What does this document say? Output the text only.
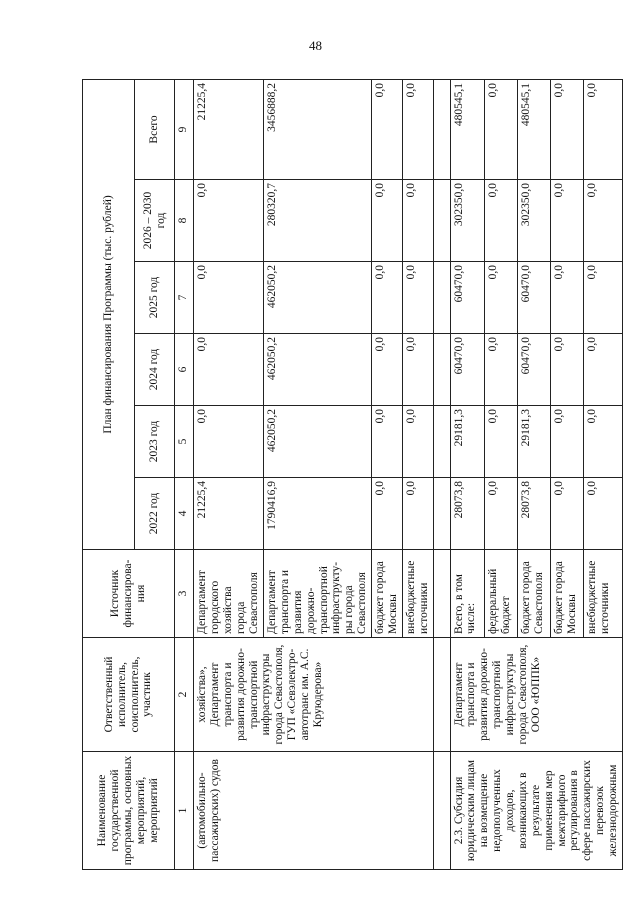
48
Наименование государственной программы, основных мероприятий, мероприятий	Ответственный исполнитель, соисполнитель, участник	Источник финансирова-ния	План финансирования Программы (тыс. рублей)					
			2022 год	2023 год	2024 год	2025 год	2026 – 2030 год	Всего
1	2	3	4	5	6	7	8	9
(автомобильно-пассажирских) судов	хозяйства», Департамент транспорта и развития дорожно-транспортной инфраструктуры города Севастополя, ГУП «Севэлектро-автотранс им. А.С. Круюдерова»	Департамент городского хозяйства города Севастополя	21225,4	0,0	0,0	0,0	0,0	21225,4
		Департамент транспорта и развития дорожно-транспортной инфраструкту-ры города Севастополя	1790416,9	462050,2	462050,2	462050,2	280320,7	3456888,2
		бюджет города Москвы	0,0	0,0	0,0	0,0	0,0	0,0
		внебюджетные источники	0,0	0,0	0,0	0,0	0,0	0,0

2.3. Субсидия юридическим лицам на возмещение недополученных доходов, возникающих в результате применения мер межтарифного регулирования в сфере пассажирских перевозок железнодорожным	Департамент транспорта и развития дорожно-транспортной инфраструктуры города Севастополя, ООО «ЮППК»	Всего, в том числе:	28073,8	29181,3	60470,0	60470,0	302350,0	480545,1
		федеральный бюджет	0,0	0,0	0,0	0,0	0,0	0,0
		бюджет города Севастополя	28073,8	29181,3	60470,0	60470,0	302350,0	480545,1
		бюджет города Москвы	0,0	0,0	0,0	0,0	0,0	0,0
		внебюджетные источники	0,0	0,0	0,0	0,0	0,0	0,0
